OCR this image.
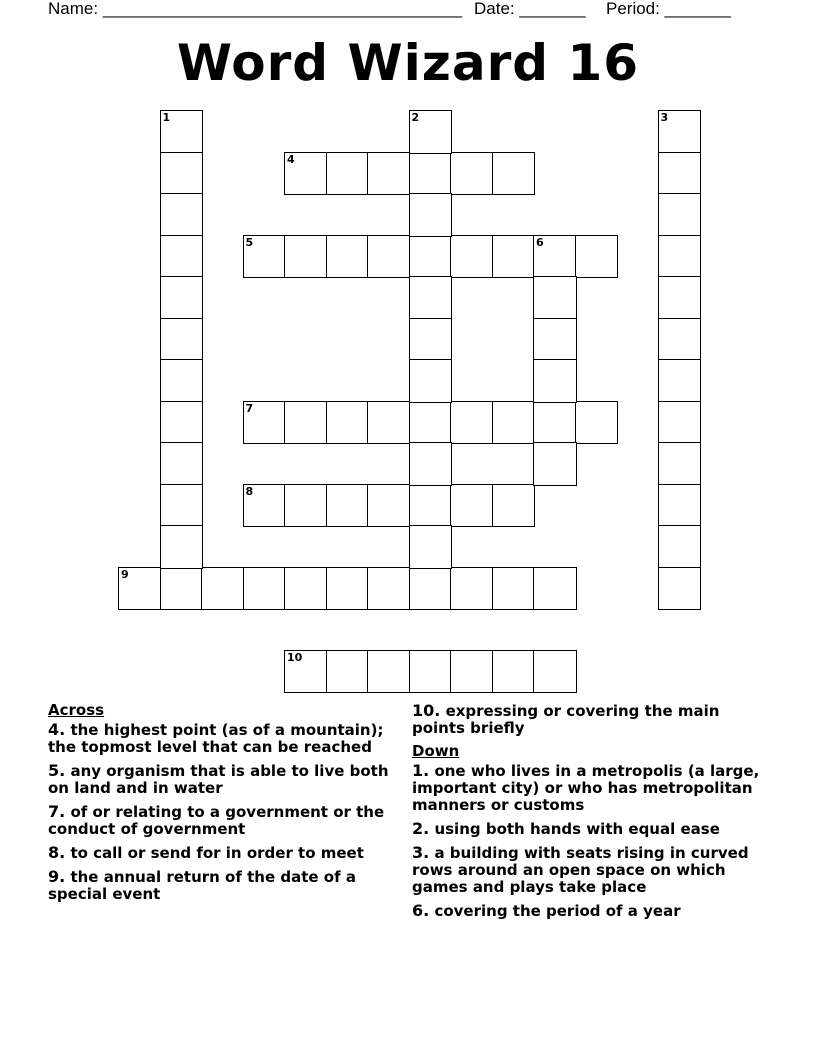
Name: ______________________________________ Date: _______ Period: _______
Word Wizard 16
4
5	6
7
8
9
10
1	2	3
Across
4. the highest point (as of a mountain); the topmost level that can be reached
5. any organism that is able to live both on land and in water
7. of or relating to a government or the conduct of government
8. to call or send for in order to meet
9. the annual return of the date of a special event
10. expressing or covering the main points briefly
Down
1. one who lives in a metropolis (a large, important city) or who has metropolitan manners or customs
2. using both hands with equal ease
3. a building with seats rising in curved rows around an open space on which games and plays take place
6. covering the period of a year
